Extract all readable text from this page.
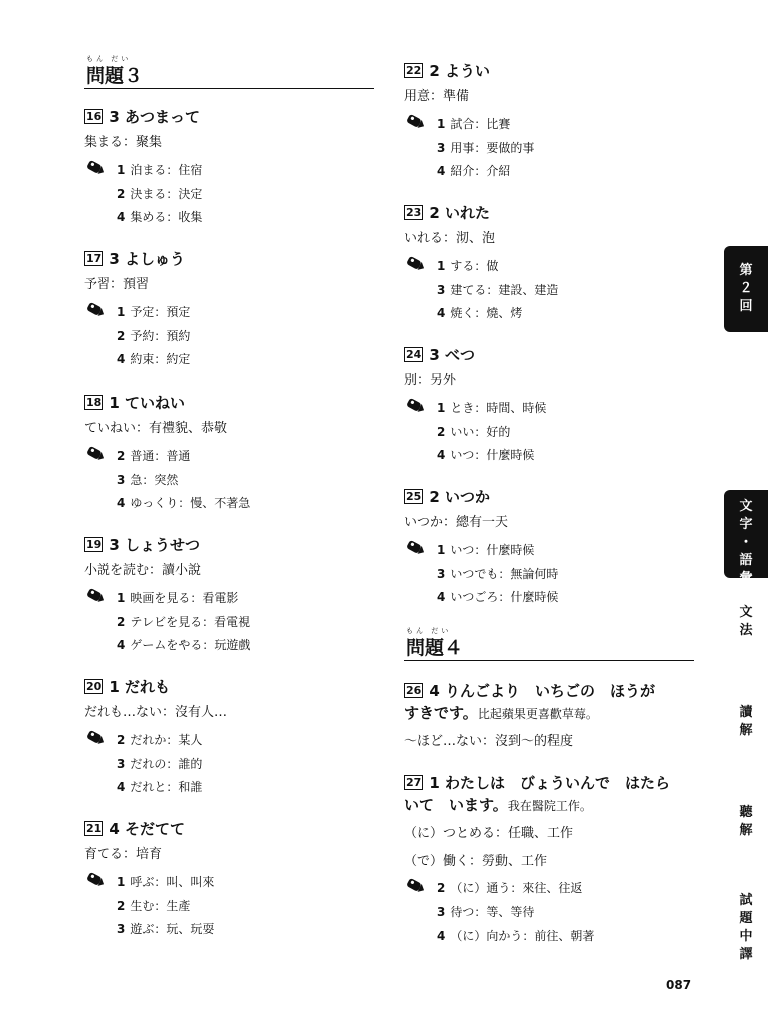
もん だい
問題３
16 3 あつまって
集まる：聚集
1 泊まる：住宿
2 決まる：決定
4 集める：收集
17 3 よしゅう
予習：預習
1 予定：預定
2 予約：預約
4 約束：約定
18 1 ていねい
ていねい：有禮貌、恭敬
2 普通：普通
3 急：突然
4 ゆっくり：慢、不著急
19 3 しょうせつ
小説を読む：讀小說
1 映画を見る：看電影
2 テレビを見る：看電視
4 ゲームをやる：玩遊戲
20 1 だれも
だれも…ない：沒有人…
2 だれか：某人
3 だれの：誰的
4 だれと：和誰
21 4 そだてて
育てる：培育
1 呼ぶ：叫、叫來
2 生む：生產
3 遊ぶ：玩、玩耍
22 2 ようい
用意：準備
1 試合：比賽
3 用事：要做的事
4 紹介：介紹
23 2 いれた
いれる：沏、泡
1 する：做
3 建てる：建設、建造
4 焼く：燒、烤
24 3 べつ
別：另外
1 とき：時間、時候
2 いい：好的
4 いつ：什麼時候
25 2 いつか
いつか：總有一天
1 いつ：什麼時候
3 いつでも：無論何時
4 いつごろ：什麼時候
もん だい
問題４
26 4 りんごより　いちごの　ほうが
すきです。比起蘋果更喜歡草莓。
〜ほど…ない：沒到〜的程度
27 1 わたしは　びょういんで　はたら
いて　います。我在醫院工作。
（に）つとめる：任職、工作
（で）働く：勞動、工作
2 （に）通う：來往、往返
3 待つ：等、等待
4 （に）向かう：前往、朝著
第
２
回
文
字
・
語
彙
文
法
讀
解
聽
解
試
題
中
譯
087
